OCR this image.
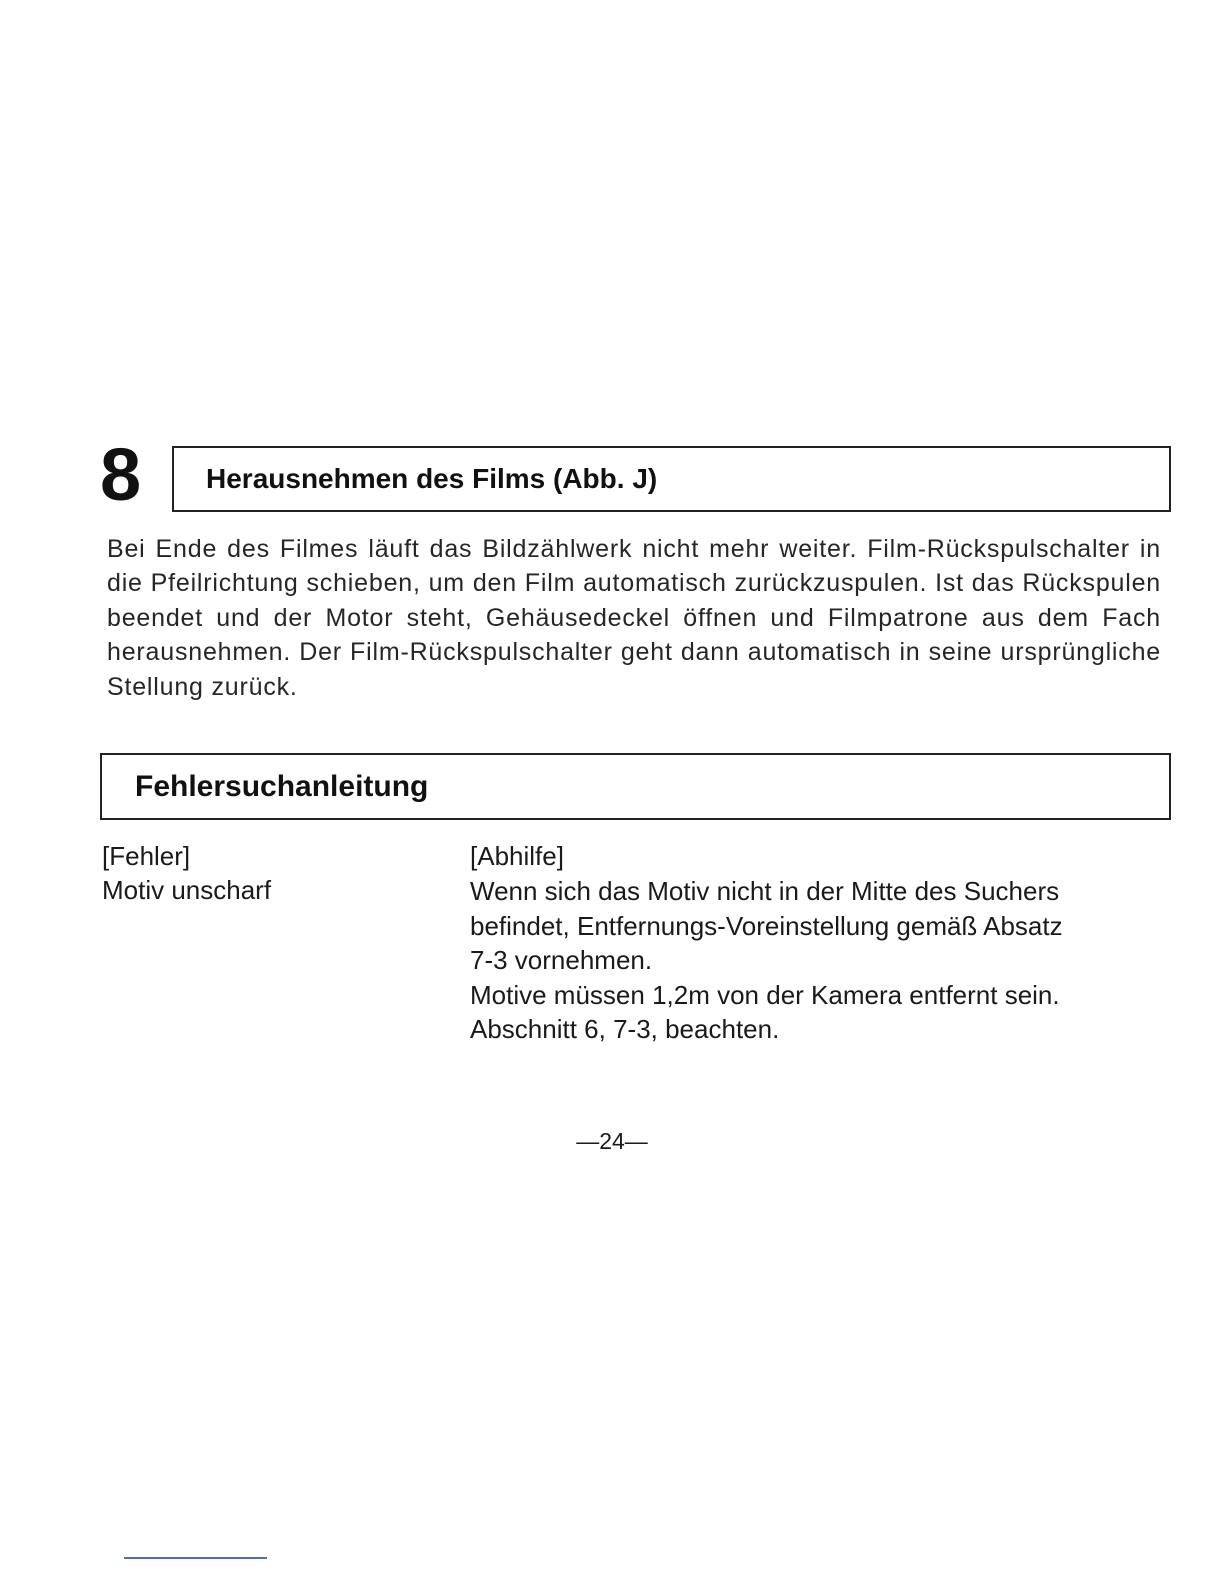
8 Herausnehmen des Films (Abb. J)

Bei Ende des Filmes läuft das Bildzählwerk nicht mehr weiter. Film-Rückspulschalter in die Pfeilrichtung schieben, um den Film automatisch zurückzuspulen. Ist das Rückspulen beendet und der Motor steht, Gehäusedeckel öffnen und Filmpatrone aus dem Fach herausnehmen. Der Film-Rückspulschalter geht dann automatisch in seine ursprüngliche Stellung zurück.

Fehlersuchanleitung
[Fehler]	[Abhilfe]
Motiv unscharf	Wenn sich das Motiv nicht in der Mitte des Suchers
befindet, Entfernungs-Voreinstellung gemäß Absatz
7-3 vornehmen.
Motive müssen 1,2m von der Kamera entfernt sein.
Abschnitt 6, 7-3, beachten.
—24—
